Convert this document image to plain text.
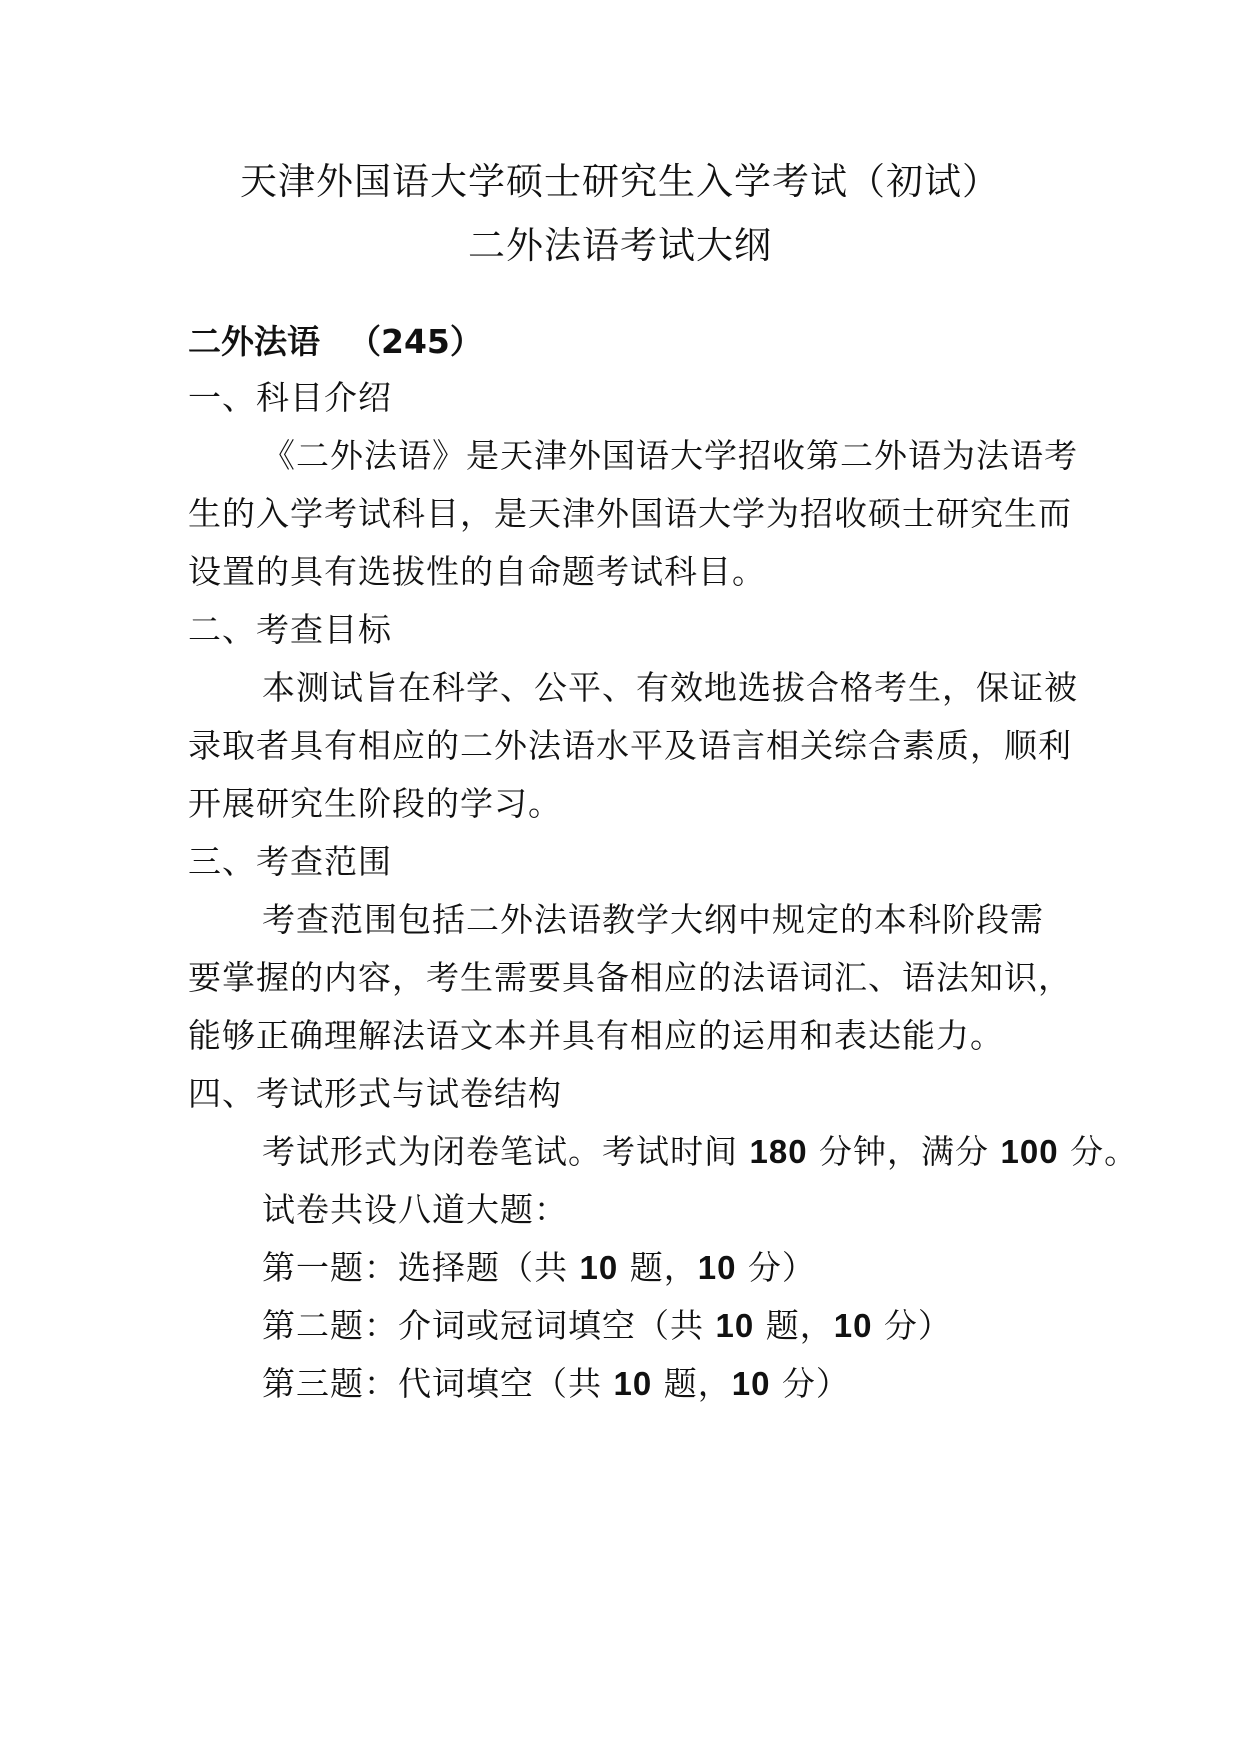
天津外国语大学硕士研究生入学考试（初试）
二外法语考试大纲
二外法语 （245）
一、科目介绍
《二外法语》是天津外国语大学招收第二外语为法语考
生的入学考试科目，是天津外国语大学为招收硕士研究生而
设置的具有选拔性的自命题考试科目。
二、考查目标
本测试旨在科学、公平、有效地选拔合格考生，保证被
录取者具有相应的二外法语水平及语言相关综合素质，顺利
开展研究生阶段的学习。
三、考查范围
考查范围包括二外法语教学大纲中规定的本科阶段需
要掌握的内容，考生需要具备相应的法语词汇、语法知识，
能够正确理解法语文本并具有相应的运用和表达能力。
四、考试形式与试卷结构
考试形式为闭卷笔试。考试时间 180 分钟，满分 100 分。
试卷共设八道大题：
第一题：选择题（共 10 题，10 分）
第二题：介词或冠词填空（共 10 题，10 分）
第三题：代词填空（共 10 题，10 分）
